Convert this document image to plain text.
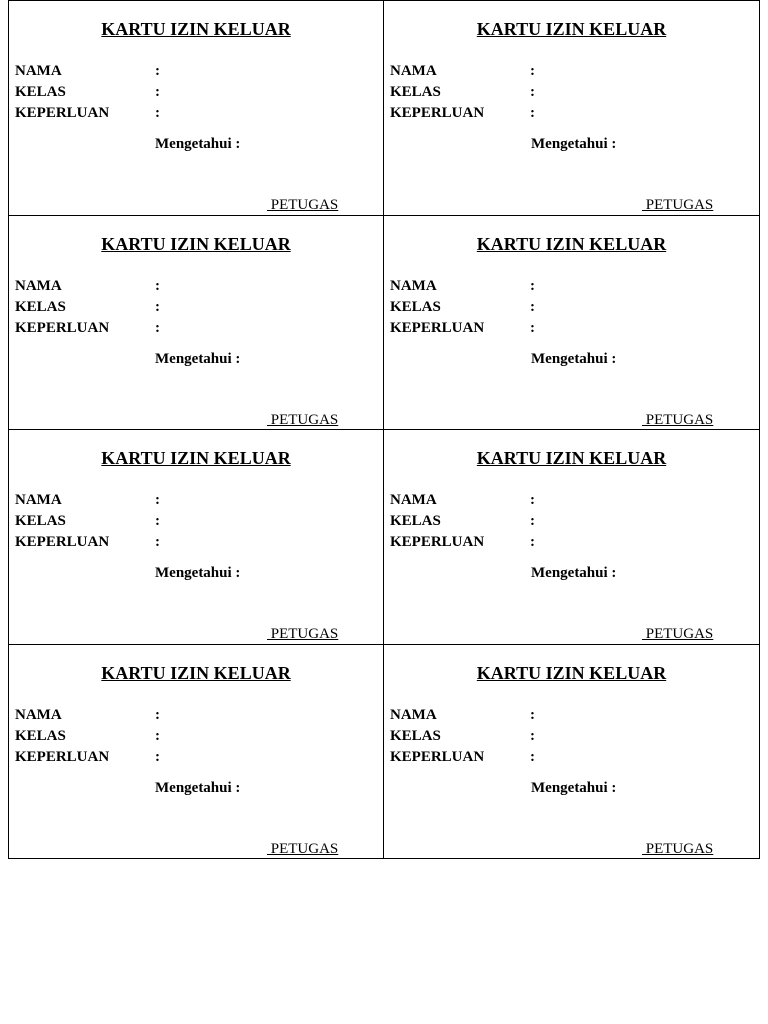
KARTU IZIN KELUAR
NAMA	:
KELAS	:
KEPERLUAN	:
Mengetahui :
PETUGAS
KARTU IZIN KELUAR
NAMA	:
KELAS	:
KEPERLUAN	:
Mengetahui :
PETUGAS
KARTU IZIN KELUAR
NAMA	:
KELAS	:
KEPERLUAN	:
Mengetahui :
PETUGAS
KARTU IZIN KELUAR
NAMA	:
KELAS	:
KEPERLUAN	:
Mengetahui :
PETUGAS
KARTU IZIN KELUAR
NAMA	:
KELAS	:
KEPERLUAN	:
Mengetahui :
PETUGAS
KARTU IZIN KELUAR
NAMA	:
KELAS	:
KEPERLUAN	:
Mengetahui :
PETUGAS
KARTU IZIN KELUAR
NAMA	:
KELAS	:
KEPERLUAN	:
Mengetahui :
PETUGAS
KARTU IZIN KELUAR
NAMA	:
KELAS	:
KEPERLUAN	:
Mengetahui :
PETUGAS
